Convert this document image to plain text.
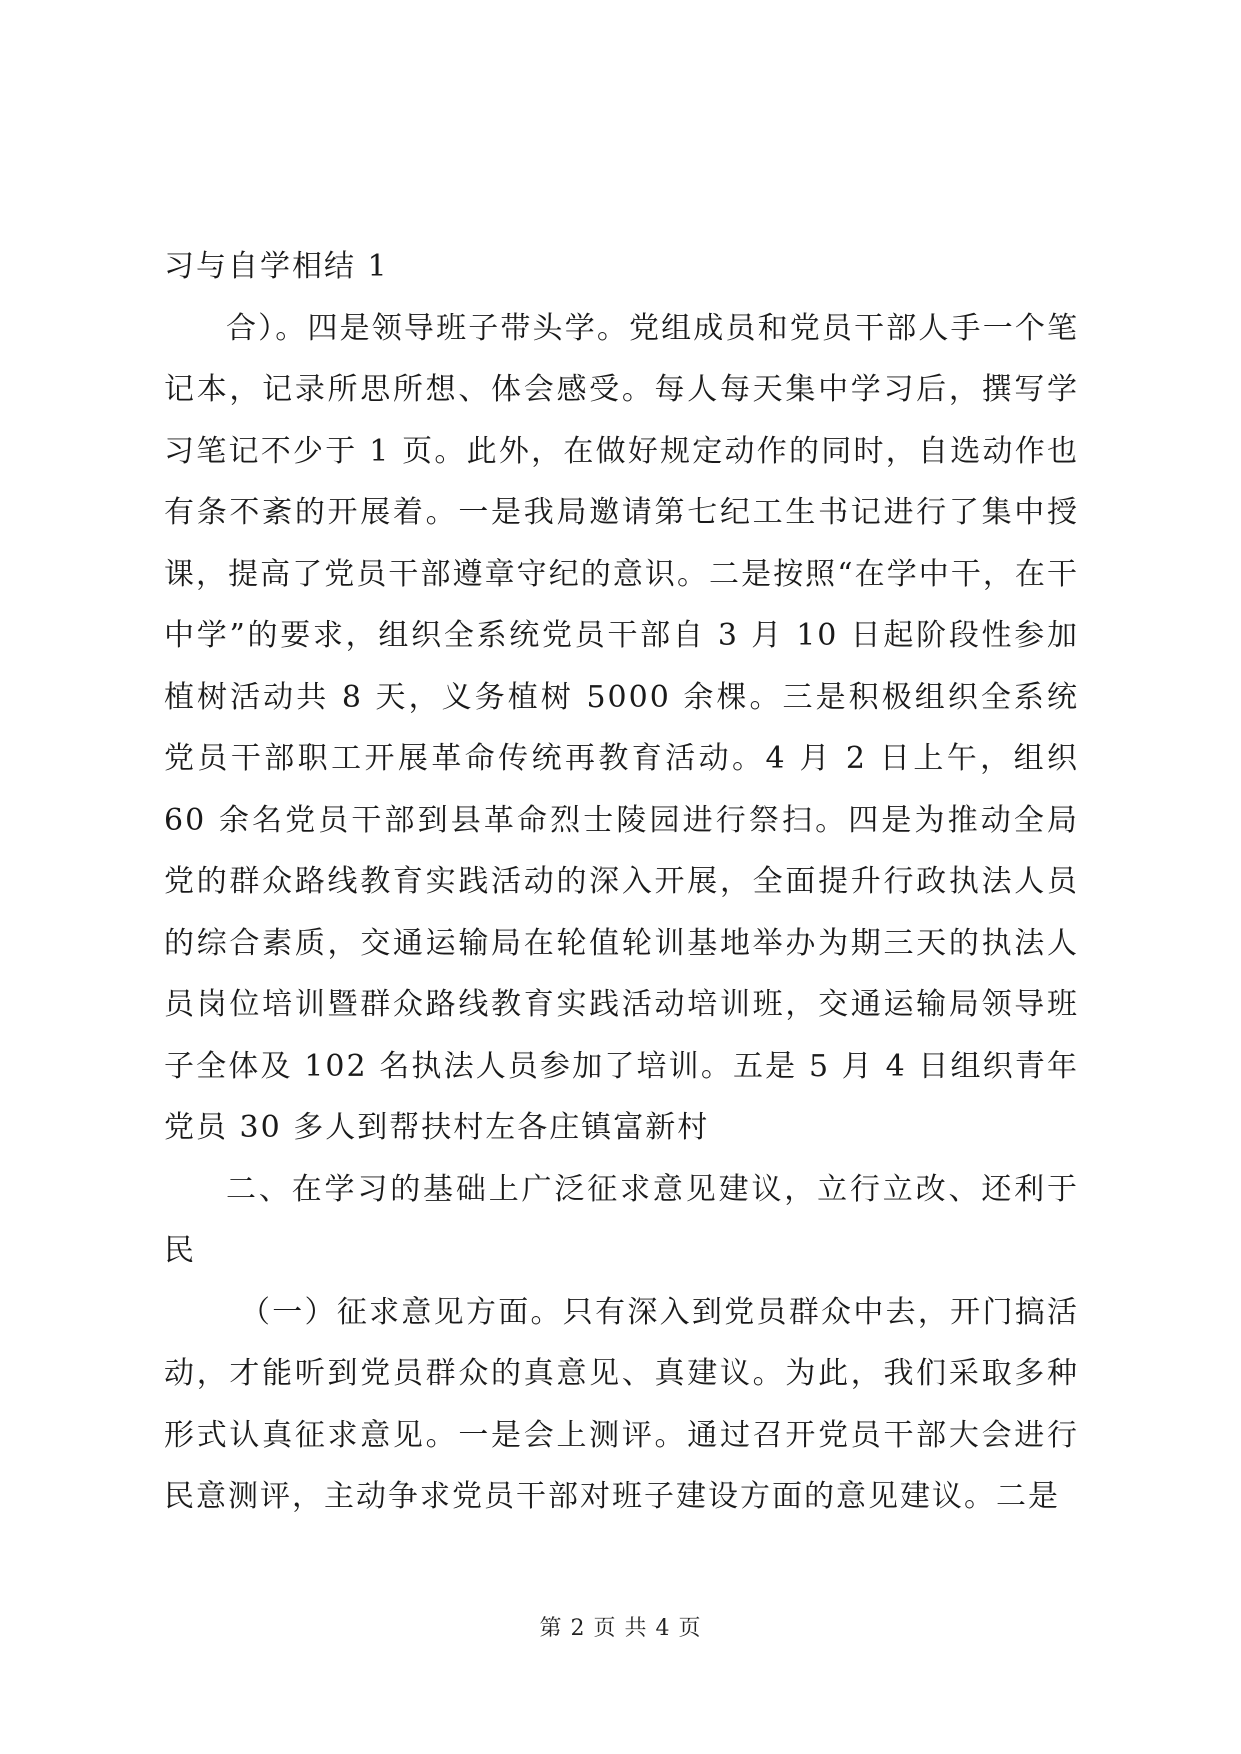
习与自学相结 1

合）。四是领导班子带头学。党组成员和党员干部人手一个笔记本，记录所思所想、体会感受。每人每天集中学习后，撰写学习笔记不少于 1 页。此外，在做好规定动作的同时，自选动作也有条不紊的开展着。一是我局邀请第七纪工生书记进行了集中授课，提高了党员干部遵章守纪的意识。二是按照“在学中干，在干中学”的要求，组织全系统党员干部自 3 月 10 日起阶段性参加植树活动共 8 天，义务植树 5000 余棵。三是积极组织全系统党员干部职工开展革命传统再教育活动。4 月 2 日上午，组织 60 余名党员干部到县革命烈士陵园进行祭扫。四是为推动全局党的群众路线教育实践活动的深入开展，全面提升行政执法人员的综合素质，交通运输局在轮值轮训基地举办为期三天的执法人员岗位培训暨群众路线教育实践活动培训班，交通运输局领导班子全体及 102 名执法人员参加了培训。五是 5 月 4 日组织青年党员 30 多人到帮扶村左各庄镇富新村

二、在学习的基础上广泛征求意见建议，立行立改、还利于民

（一）征求意见方面。只有深入到党员群众中去，开门搞活动，才能听到党员群众的真意见、真建议。为此，我们采取多种形式认真征求意见。一是会上测评。通过召开党员干部大会进行民意测评，主动争求党员干部对班子建设方面的意见建议。二是

第 2 页 共 4 页
